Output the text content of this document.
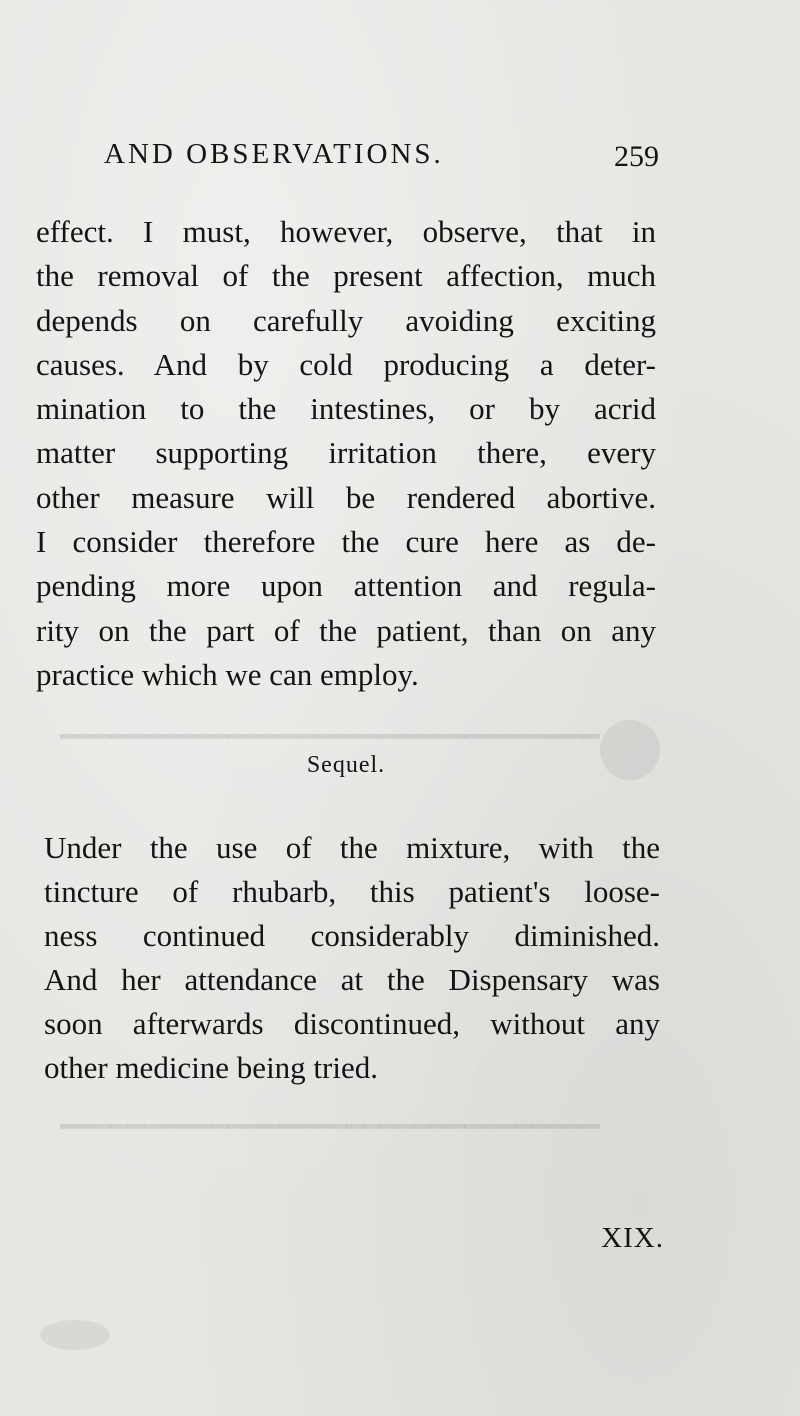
━━━━━━━━━━━━━━━━━━━━━━━━━━━━━━━━
━━━━━━━━━━━━━━━━━━━━━━━━━━━━━━━━
AND OBSERVATIONS.	259
effect. I must, however, observe, that in
the removal of the present affection, much
depends on carefully avoiding exciting
causes. And by cold producing a deter-
mination to the intestines, or by acrid
matter supporting irritation there, every
other measure will be rendered abortive.
I consider therefore the cure here as de-
pending more upon attention and regula-
rity on the part of the patient, than on any
practice which we can employ.
Sequel.
Under the use of the mixture, with the
tincture of rhubarb, this patient's loose-
ness continued considerably diminished.
And her attendance at the Dispensary was
soon afterwards discontinued, without any
other medicine being tried.
XIX.
